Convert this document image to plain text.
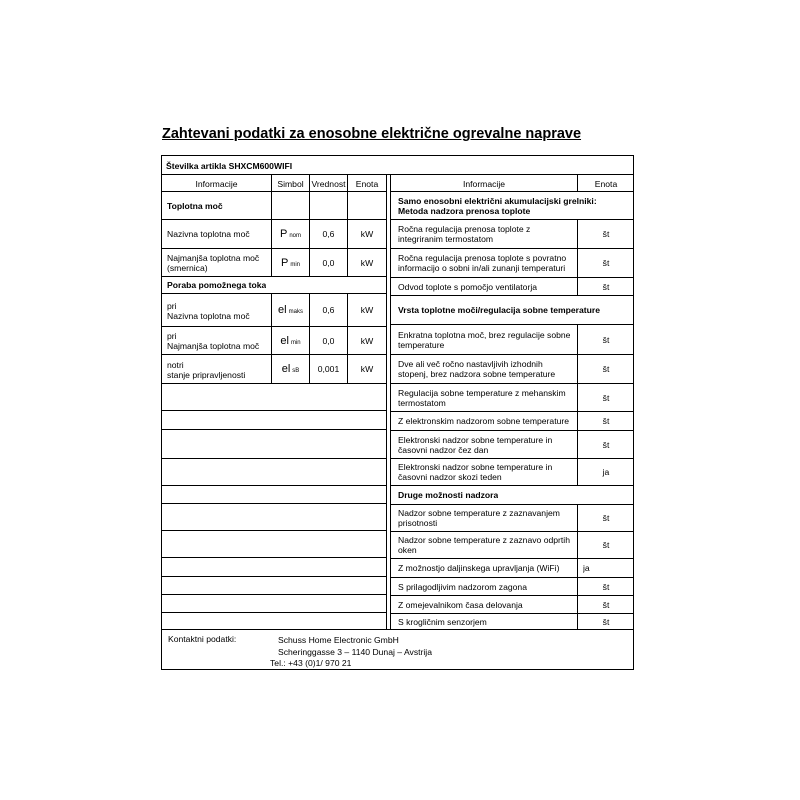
Zahtevani podatki za enosobne električne ogrevalne naprave
Številka artikla SHXCM600WIFI
Informacije	Simbol Vrednost	Enota	Informacije	Enota
Toplotna moč
Nazivna toplotna moč	P nom	0,6	kW
Najmanjša toplotna moč
(smernica)	P min	0,0	kW
Poraba pomožnega toka
pri
Nazivna toplotna moč	el maks	0,6	kW
pri
Najmanjša toplotna moč el min	0,0	kW
notri
stanje pripravljenosti	el sB	0,001	kW
Samo enosobni električni akumulacijski grelniki:
Metoda nadzora prenosa toplote
Ročna regulacija prenosa toplote z
integriranim termostatom	št
Ročna regulacija prenosa toplote s povratno
informacijo o sobni in/ali zunanji temperaturi	št
Odvod toplote s pomočjo ventilatorja	št
Vrsta toplotne moči/regulacija sobne temperature
Enkratna toplotna moč, brez regulacije sobne
temperature	št
Dve ali več ročno nastavljivih izhodnih
stopenj, brez nadzora sobne temperature	št
Regulacija sobne temperature z mehanskim
termostatom	št
Z elektronskim nadzorom sobne temperature	št
Elektronski nadzor sobne temperature in
časovni nadzor čez dan	št
Elektronski nadzor sobne temperature in
časovni nadzor skozi teden	ja
Druge možnosti nadzora
Nadzor sobne temperature z zaznavanjem
prisotnosti	št
Nadzor sobne temperature z zaznavo odprtih
oken	št
Z možnostjo daljinskega upravljanja (WiFi)	ja
S prilagodljivim nadzorom zagona	št
Z omejevalnikom časa delovanja	št
S krogličnim senzorjem	št
Kontaktni podatki:	Schuss Home Electronic GmbH
Scheringgasse 3 – 1140 Dunaj – Avstrija
Tel.: +43 (0)1/ 970 21
